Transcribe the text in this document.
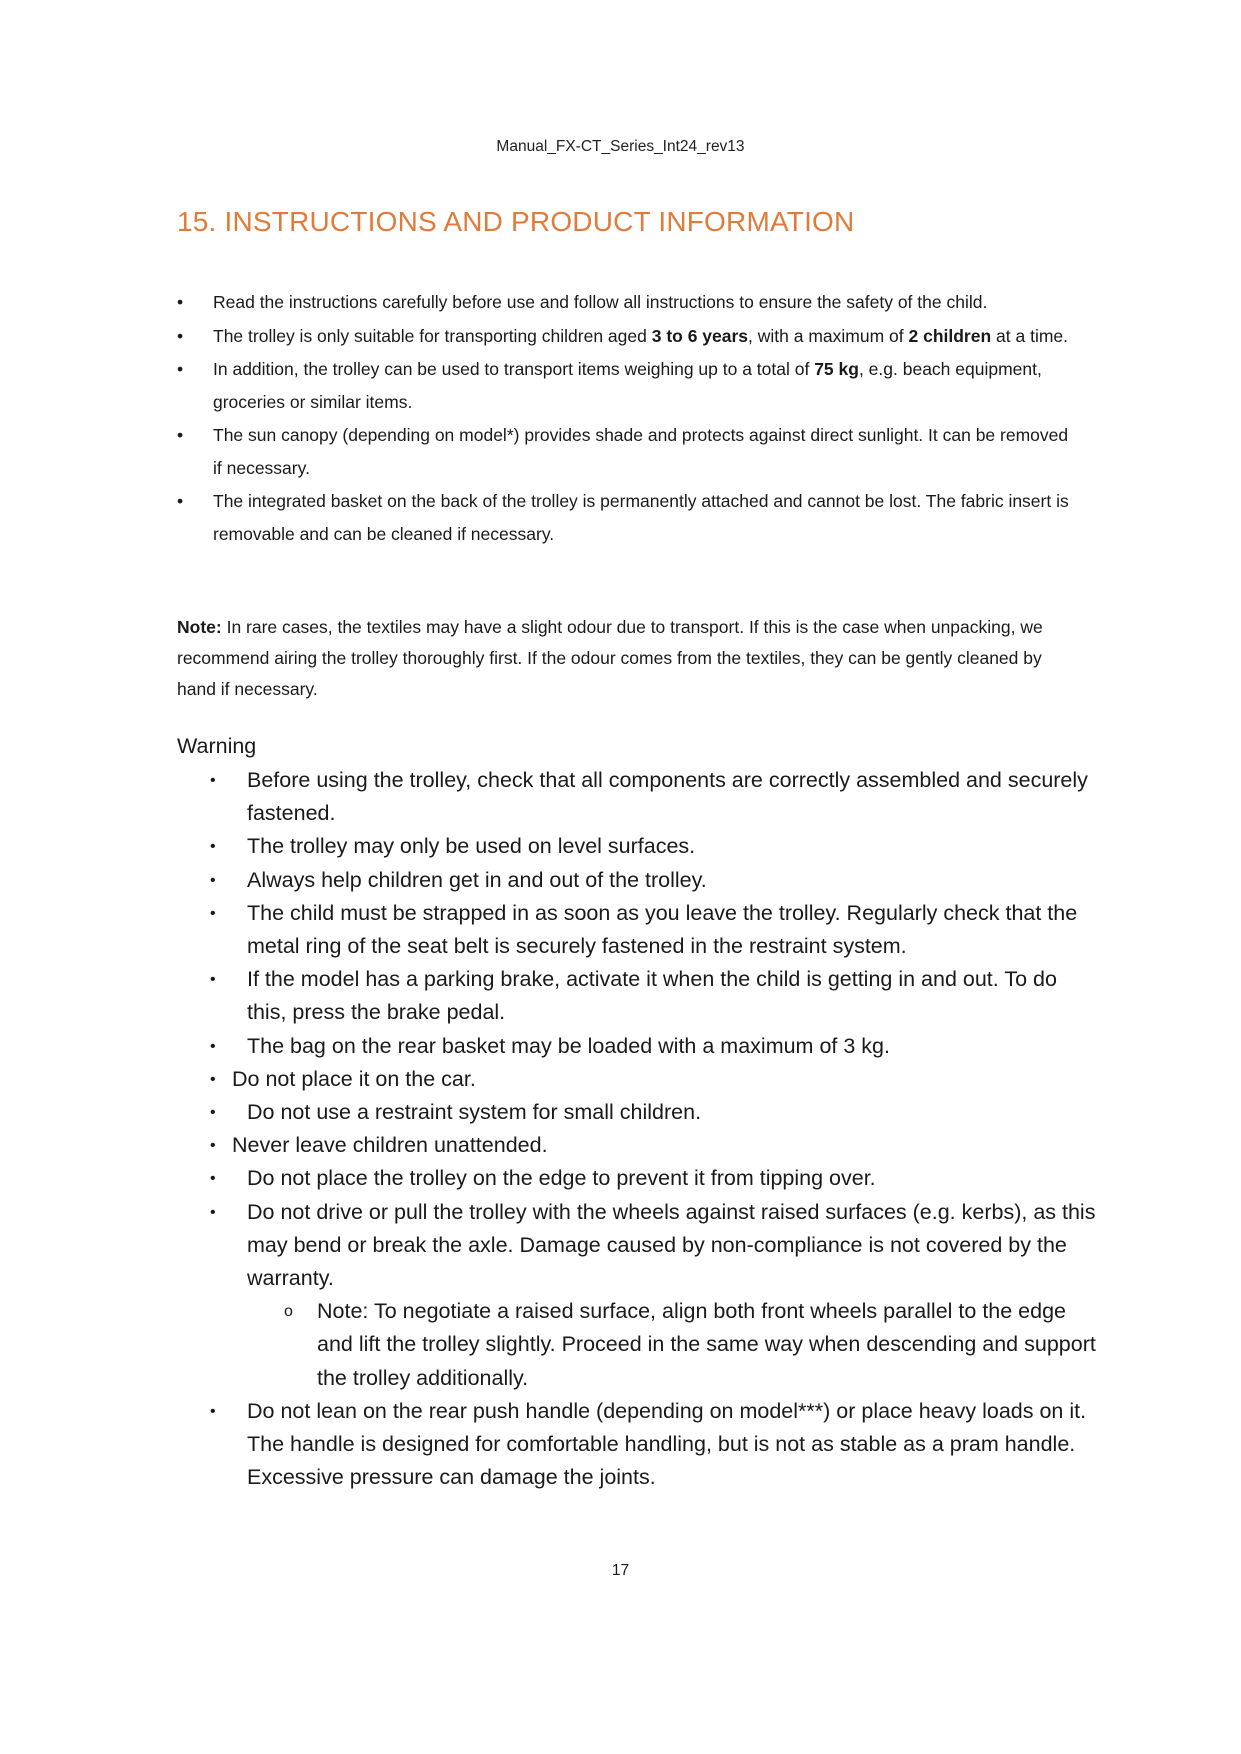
Manual_FX-CT_Series_Int24_rev13
15. INSTRUCTIONS AND PRODUCT INFORMATION
•	Read the instructions carefully before use and follow all instructions to ensure the safety of the child.
•	The trolley is only suitable for transporting children aged 3 to 6 years, with a maximum of 2 children at a time.
•	In addition, the trolley can be used to transport items weighing up to a total of 75 kg, e.g. beach equipment, groceries or similar items.
•	The sun canopy (depending on model*) provides shade and protects against direct sunlight. It can be removed if necessary.
•	The integrated basket on the back of the trolley is permanently attached and cannot be lost. The fabric insert is removable and can be cleaned if necessary.

Note: In rare cases, the textiles may have a slight odour due to transport. If this is the case when unpacking, we recommend airing the trolley thoroughly first. If the odour comes from the textiles, they can be gently cleaned by hand if necessary.

Warning
• Before using the trolley, check that all components are correctly assembled and securely fastened.
• The trolley may only be used on level surfaces.
• Always help children get in and out of the trolley.
• The child must be strapped in as soon as you leave the trolley. Regularly check that the metal ring of the seat belt is securely fastened in the restraint system.
• If the model has a parking brake, activate it when the child is getting in and out. To do this, press the brake pedal.
• The bag on the rear basket may be loaded with a maximum of 3 kg.
• Do not place it on the car.
• Do not use a restraint system for small children.
• Never leave children unattended.
• Do not place the trolley on the edge to prevent it from tipping over.
• Do not drive or pull the trolley with the wheels against raised surfaces (e.g. kerbs), as this may bend or break the axle. Damage caused by non-compliance is not covered by the warranty.
o Note: To negotiate a raised surface, align both front wheels parallel to the edge and lift the trolley slightly. Proceed in the same way when descending and support the trolley additionally.
• Do not lean on the rear push handle (depending on model***) or place heavy loads on it. The handle is designed for comfortable handling, but is not as stable as a pram handle. Excessive pressure can damage the joints.
17
